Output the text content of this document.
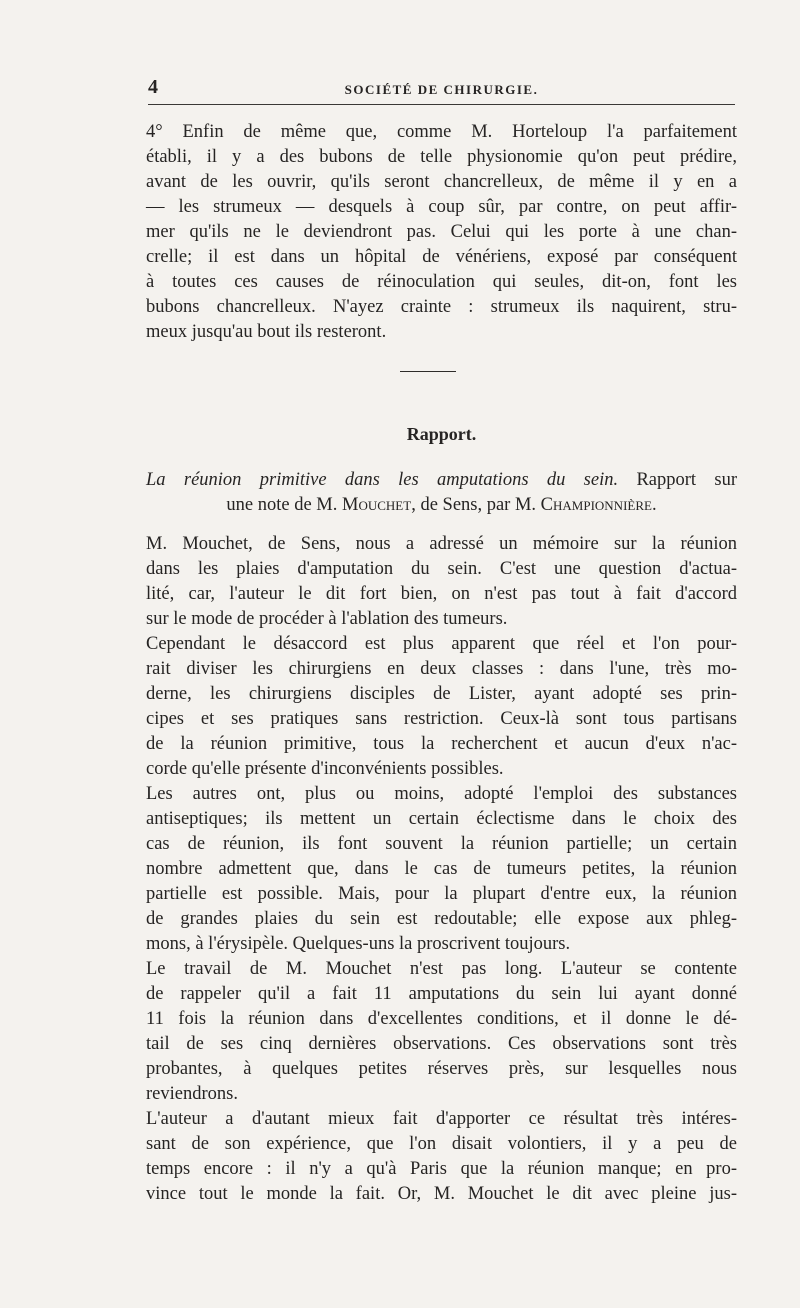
4	SOCIÉTÉ DE CHIRURGIE.
4° Enfin de même que, comme M. Horteloup l'a parfaitement
établi, il y a des bubons de telle physionomie qu'on peut prédire,
avant de les ouvrir, qu'ils seront chancrelleux, de même il y en a
— les strumeux — desquels à coup sûr, par contre, on peut affir-
mer qu'ils ne le deviendront pas. Celui qui les porte à une chan-
crelle; il est dans un hôpital de vénériens, exposé par conséquent
à toutes ces causes de réinoculation qui seules, dit-on, font les
bubons chancrelleux. N'ayez crainte : strumeux ils naquirent, stru-
meux jusqu'au bout ils resteront.
Rapport.
La réunion primitive dans les amputations du sein. Rapport sur
une note de M. Mouchet, de Sens, par M. Championnière.
M. Mouchet, de Sens, nous a adressé un mémoire sur la réunion
dans les plaies d'amputation du sein. C'est une question d'actua-
lité, car, l'auteur le dit fort bien, on n'est pas tout à fait d'accord
sur le mode de procéder à l'ablation des tumeurs.
Cependant le désaccord est plus apparent que réel et l'on pour-
rait diviser les chirurgiens en deux classes : dans l'une, très mo-
derne, les chirurgiens disciples de Lister, ayant adopté ses prin-
cipes et ses pratiques sans restriction. Ceux-là sont tous partisans
de la réunion primitive, tous la recherchent et aucun d'eux n'ac-
corde qu'elle présente d'inconvénients possibles.
Les autres ont, plus ou moins, adopté l'emploi des substances
antiseptiques; ils mettent un certain éclectisme dans le choix des
cas de réunion, ils font souvent la réunion partielle; un certain
nombre admettent que, dans le cas de tumeurs petites, la réunion
partielle est possible. Mais, pour la plupart d'entre eux, la réunion
de grandes plaies du sein est redoutable; elle expose aux phleg-
mons, à l'érysipèle. Quelques-uns la proscrivent toujours.
Le travail de M. Mouchet n'est pas long. L'auteur se contente
de rappeler qu'il a fait 11 amputations du sein lui ayant donné
11 fois la réunion dans d'excellentes conditions, et il donne le dé-
tail de ses cinq dernières observations. Ces observations sont très
probantes, à quelques petites réserves près, sur lesquelles nous
reviendrons.
L'auteur a d'autant mieux fait d'apporter ce résultat très intéres-
sant de son expérience, que l'on disait volontiers, il y a peu de
temps encore : il n'y a qu'à Paris que la réunion manque; en pro-
vince tout le monde la fait. Or, M. Mouchet le dit avec pleine jus-
